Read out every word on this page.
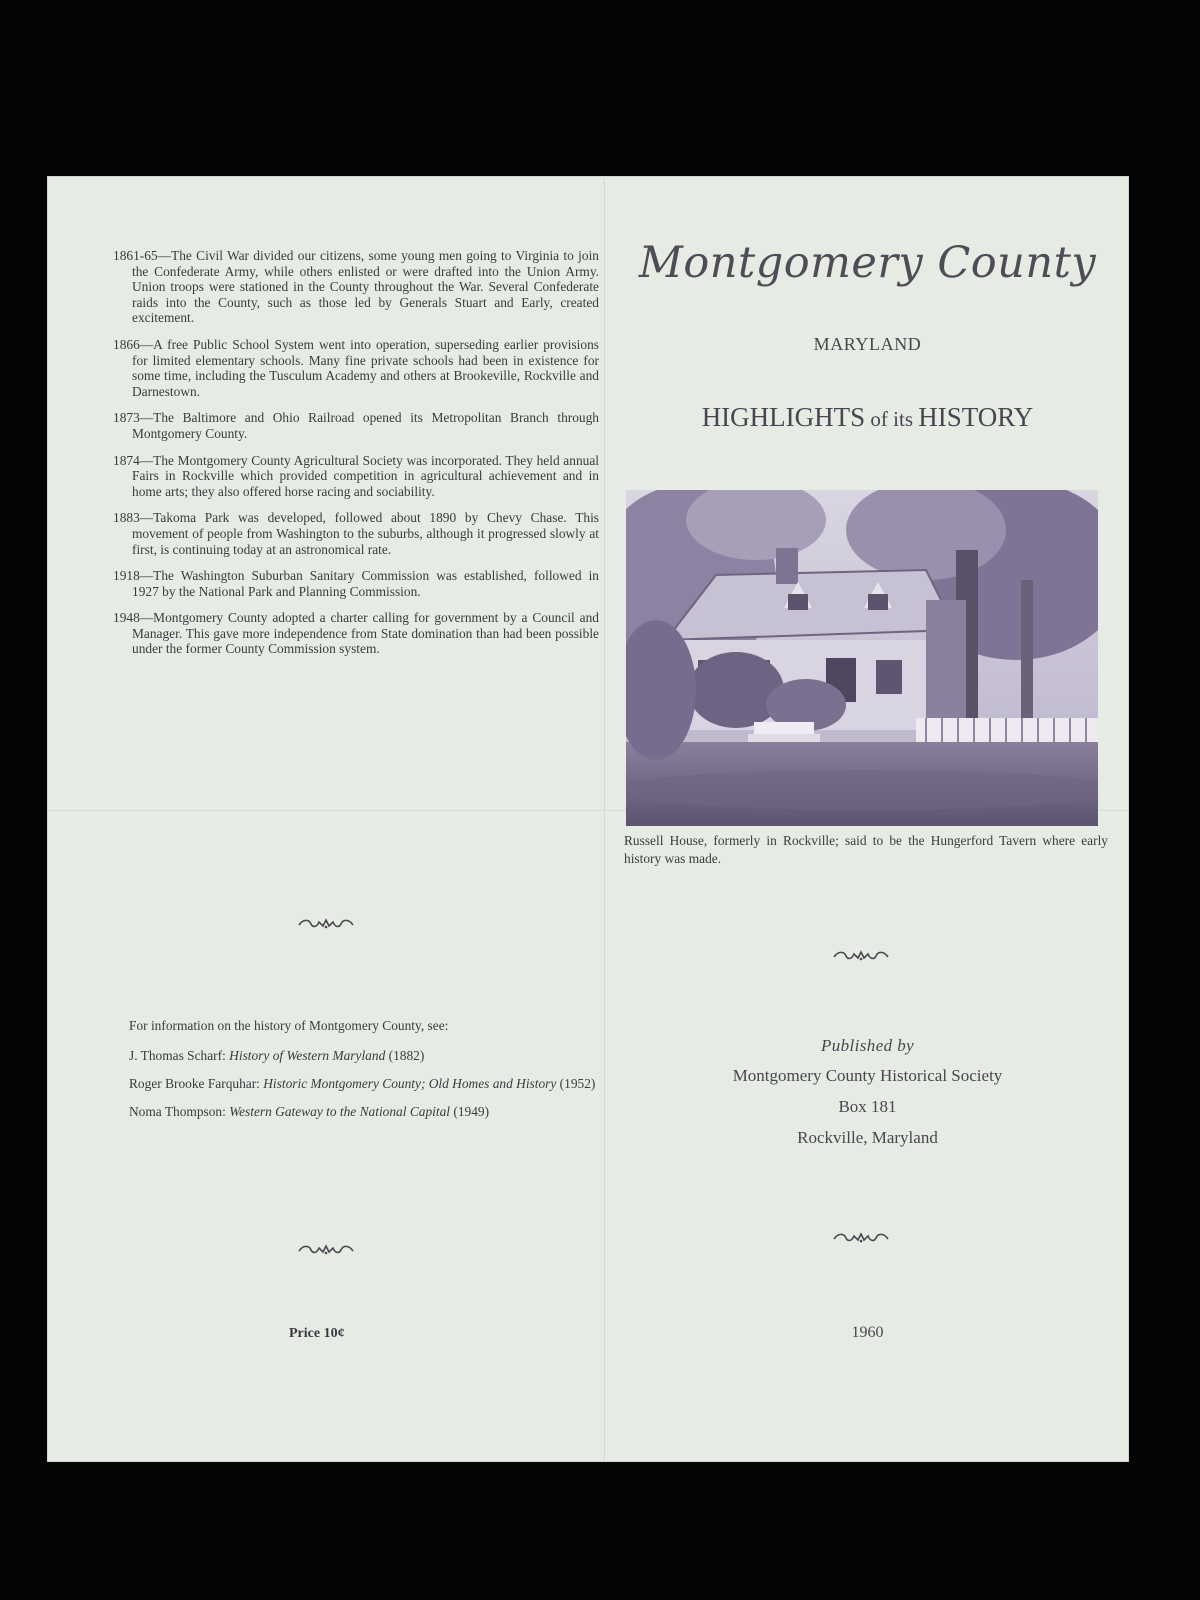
1861-65—The Civil War divided our citizens, some young men going to Virginia to join the Confederate Army, while others enlisted or were drafted into the Union Army. Union troops were stationed in the County throughout the War. Several Confederate raids into the County, such as those led by Generals Stuart and Early, created excitement.

1866—A free Public School System went into operation, superseding earlier provisions for limited elementary schools. Many fine private schools had been in existence for some time, including the Tusculum Academy and others at Brookeville, Rockville and Darnestown.

1873—The Baltimore and Ohio Railroad opened its Metropolitan Branch through Montgomery County.

1874—The Montgomery County Agricultural Society was incorporated. They held annual Fairs in Rockville which provided competition in agricultural achievement and in home arts; they also offered horse racing and sociability.

1883—Takoma Park was developed, followed about 1890 by Chevy Chase. This movement of people from Washington to the suburbs, although it progressed slowly at first, is continuing today at an astronomical rate.

1918—The Washington Suburban Sanitary Commission was established, followed in 1927 by the National Park and Planning Commission.

1948—Montgomery County adopted a charter calling for government by a Council and Manager. This gave more independence from State domination than had been possible under the former County Commission system.

For information on the history of Montgomery County, see:

J. Thomas Scharf: History of Western Maryland (1882)

Roger Brooke Farquhar: Historic Montgomery County; Old Homes and History (1952)

Noma Thompson: Western Gateway to the National Capital (1949)

Price 10¢
Montgomery County
MARYLAND
HIGHLIGHTS of its HISTORY

Russell House, formerly in Rockville; said to be the Hungerford Tavern where early history was made.

Published by
Montgomery County Historical Society
Box 181
Rockville, Maryland
1960
